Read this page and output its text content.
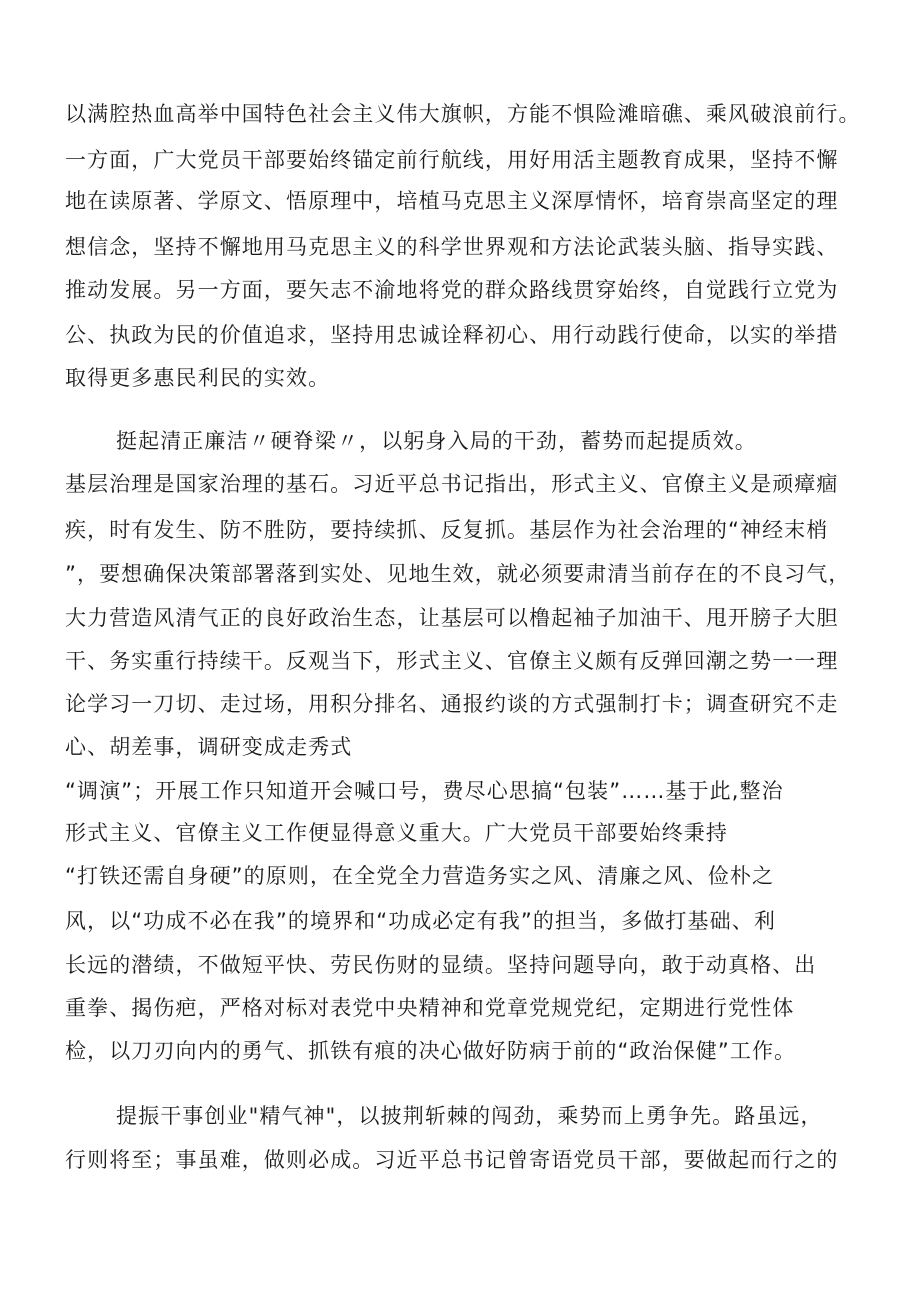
以满腔热血高举中国特色社会主义伟大旗帜，方能不惧险滩暗礁、乘风破浪前行。

一方面，广大党员干部要始终锚定前行航线，用好用活主题教育成果，坚持不懈

地在读原著、学原文、悟原理中，培植马克思主义深厚情怀，培育崇高坚定的理

想信念，坚持不懈地用马克思主义的科学世界观和方法论武装头脑、指导实践、

推动发展。另一方面，要矢志不渝地将党的群众路线贯穿始终，自觉践行立党为

公、执政为民的价值追求，坚持用忠诚诠释初心、用行动践行使命，以实的举措

取得更多惠民利民的实效。

挺起清正廉洁〃硬脊梁〃，以躬身入局的干劲，蓄势而起提质效。

基层治理是国家治理的基石。习近平总书记指出，形式主义、官僚主义是顽瘴痼

疾，时有发生、防不胜防，要持续抓、反复抓。基层作为社会治理的“神经末梢

”，要想确保决策部署落到实处、见地生效，就必须要肃清当前存在的不良习气，

大力营造风清气正的良好政治生态，让基层可以橹起袖子加油干、甩开膀子大胆

干、务实重行持续干。反观当下，形式主义、官僚主义颇有反弹回潮之势一一理

论学习一刀切、走过场，用积分排名、通报约谈的方式强制打卡；调查研究不走

心、胡差事，调研变成走秀式

“调演”；开展工作只知道开会喊口号，费尽心思搞“包装”……基于此,整治

形式主义、官僚主义工作便显得意义重大。广大党员干部要始终秉持

“打铁还需自身硬”的原则，在全党全力营造务实之风、清廉之风、俭朴之

风，以“功成不必在我”的境界和“功成必定有我”的担当，多做打基础、利

长远的潜绩，不做短平快、劳民伤财的显绩。坚持问题导向，敢于动真格、出

重拳、揭伤疤，严格对标对表党中央精神和党章党规党纪，定期进行党性体

检，以刀刃向内的勇气、抓铁有痕的决心做好防病于前的“政治保健”工作。

提振干事创业"精气神"，以披荆斩棘的闯劲，乘势而上勇争先。路虽远，

行则将至；事虽难，做则必成。习近平总书记曾寄语党员干部，要做起而行之的
